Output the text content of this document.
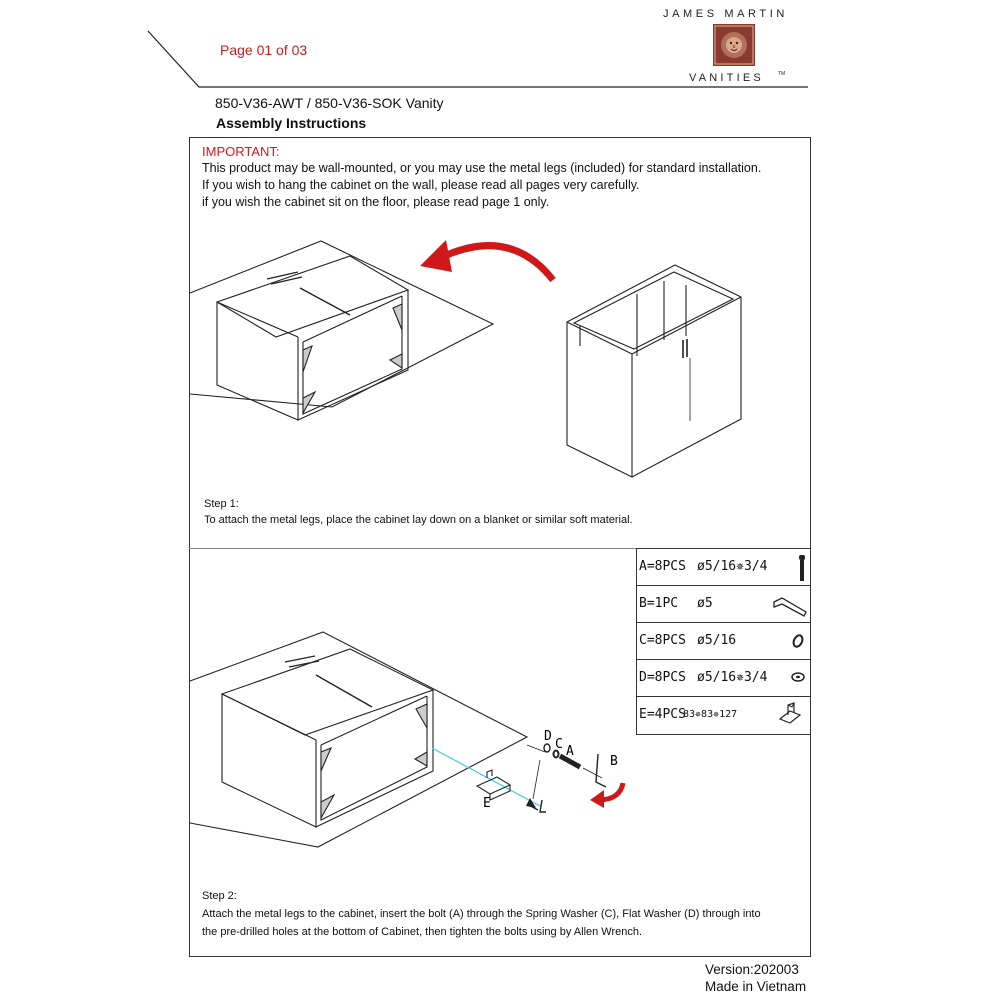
Page 01 of 03
JAMES MARTIN
VANITIES	TM
850-V36-AWT / 850-V36-SOK Vanity
Assembly Instructions
IMPORTANT:
This product may be wall-mounted, or you may use the metal legs (included) for standard installation.
If you wish to hang the cabinet on the wall, please read all pages very carefully.
if you wish the cabinet sit on the floor, please read page 1 only.
Step 1:
To attach the metal legs, place the cabinet lay down on a blanket or similar soft material.
A=8PCS ø5/16✵3/4
B=1PC ø5
C=8PCS ø5/16
D=8PCS ø5/16✵3/4
E=4PCS
83✵83✵127
D
C A
B
E
Step 2:
Attach the metal legs to the cabinet, insert the bolt (A) through the Spring Washer (C), Flat Washer (D) through into
the pre-drilled holes at the bottom of Cabinet, then tighten the bolts using by Allen Wrench.
Version:202003
Made in Vietnam
